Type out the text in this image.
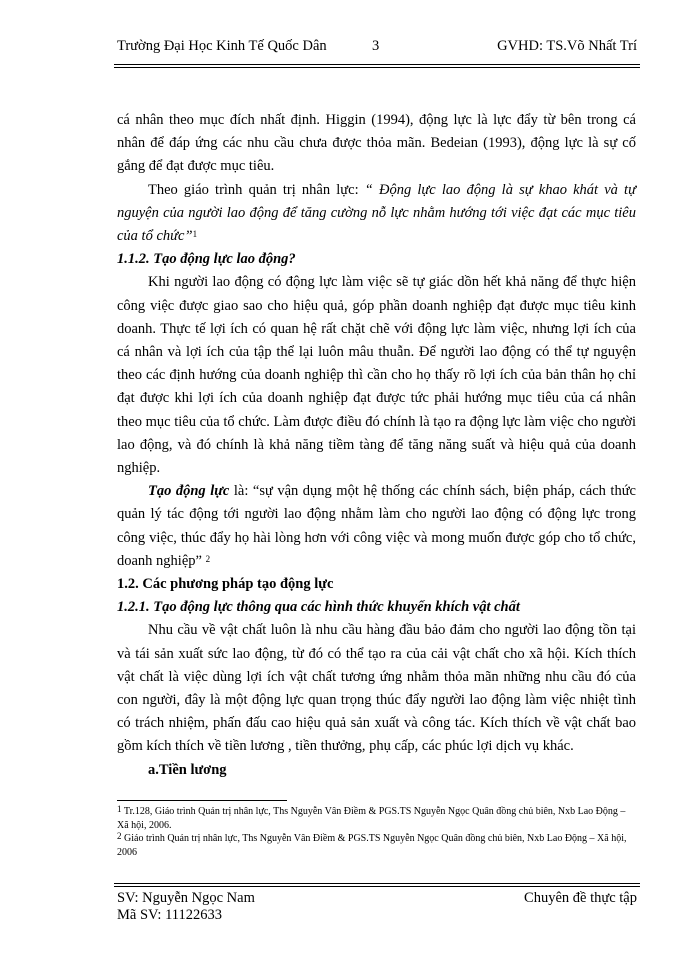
Trường Đại Học Kinh Tế Quốc Dân	3	GVHD: TS.Võ Nhất Trí

cá nhân theo mục đích nhất định. Higgin (1994), động lực là lực đẩy từ bên trong cá nhân để đáp ứng các nhu cầu chưa được thỏa mãn. Bedeian (1993), động lực là sự cố gắng để đạt được mục tiêu.

Theo giáo trình quản trị nhân lực: “ Động lực lao động là sự khao khát và tự nguyện của người lao động để tăng cường nỗ lực nhằm hướng tới việc đạt các mục tiêu của tổ chức”$^1$

1.1.2. Tạo động lực lao động?

Khi người lao động có động lực làm việc sẽ tự giác dồn hết khả năng để thực hiện công việc được giao sao cho hiệu quả, góp phần doanh nghiệp đạt được mục tiêu kinh doanh. Thực tế lợi ích có quan hệ rất chặt chẽ với động lực làm việc, nhưng lợi ích của cá nhân và lợi ích của tập thể lại luôn mâu thuẫn. Để người lao động có thể tự nguyện theo các định hướng của doanh nghiệp thì cần cho họ thấy rõ lợi ích của bản thân họ chỉ đạt được khi lợi ích của doanh nghiệp đạt được tức phải hướng mục tiêu của cá nhân theo mục tiêu của tổ chức. Làm được điều đó chính là tạo ra động lực làm việc cho người lao động, và đó chính là khả năng tiềm tàng để tăng năng suất và hiệu quả của doanh nghiệp.

Tạo động lực là: “sự vận dụng một hệ thống các chính sách, biện pháp, cách thức quản lý tác động tới người lao động nhằm làm cho người lao động có động lực trong công việc, thúc đẩy họ hài lòng hơn với công việc và mong muốn được góp cho tổ chức, doanh nghiệp” $^2$

1.2. Các phương pháp tạo động lực

1.2.1. Tạo động lực thông qua các hình thức khuyến khích vật chất

Nhu cầu về vật chất luôn là nhu cầu hàng đầu bảo đảm cho người lao động tồn tại và tái sản xuất sức lao động, từ đó có thể tạo ra của cải vật chất cho xã hội. Kích thích vật chất là việc dùng lợi ích vật chất tương ứng nhằm thỏa mãn những nhu cầu đó của con người, đây là một động lực quan trọng thúc đẩy người lao động làm việc nhiệt tình có trách nhiệm, phấn đấu cao hiệu quả sản xuất và công tác. Kích thích về vật chất bao gồm kích thích về tiền lương , tiền thưởng, phụ cấp, các phúc lợi dịch vụ khác.

a.Tiền lương

$^1$ Tr.128, Giáo trình Quản trị nhân lực, Ths Nguyễn Vân Điềm & PGS.TS Nguyễn Ngọc Quân đồng chủ biên, Nxb Lao Động – Xã hội, 2006.

$^2$ Giáo trình Quản trị nhân lực, Ths Nguyễn Vân Điềm & PGS.TS Nguyễn Ngọc Quân đồng chủ biên, Nxb Lao Động – Xã hội, 2006

SV: Nguyễn Ngọc Nam
Mã SV: 11122633
Chuyên đề thực tập
